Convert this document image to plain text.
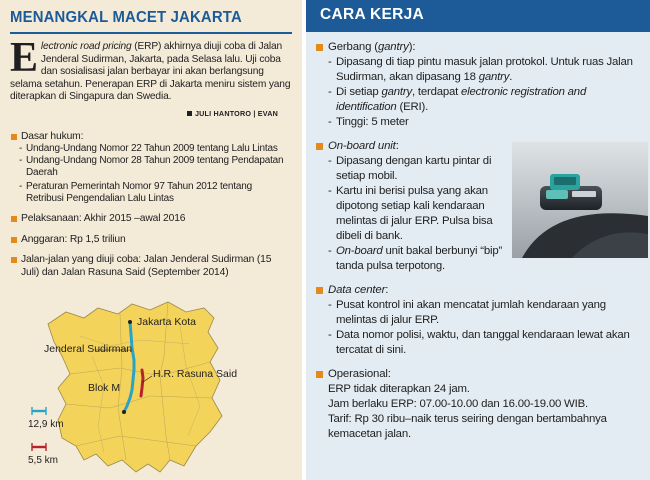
MENANGKAL MACET JAKARTA
Electronic road pricing (ERP) akhirnya diuji coba di Jalan Jenderal Sudirman, Jakarta, pada Selasa lalu. Uji coba dan sosialisasi jalan berbayar ini akan berlangsung selama setahun. Penerapan ERP di Jakarta meniru sistem yang diterapkan di Singapura dan Swedia.
JULI HANTORO | EVAN
Dasar hukum:
- Undang-Undang Nomor 22 Tahun 2009 tentang Lalu Lintas
- Undang-Undang Nomor 28 Tahun 2009 tentang Pendapatan Daerah
- Peraturan Pemerintah Nomor 97 Tahun 2012 tentang Retribusi Pengendalian Lalu Lintas
Pelaksanaan: Akhir 2015 –awal 2016
Anggaran: Rp 1,5 triliun
Jalan-jalan yang diuji coba: Jalan Jenderal Sudirman (15 Juli) dan Jalan Rasuna Said (September 2014)
Jakarta Kota
Jenderal Sudirman
Blok M
H.R. Rasuna Said
12,9 km
5,5 km
CARA KERJA
Gerbang (gantry):
- Dipasang di tiap pintu masuk jalan protokol. Untuk ruas Jalan Sudirman, akan dipasang 18 gantry.
- Di setiap gantry, terdapat electronic registration and identification (ERI).
- Tinggi: 5 meter
On-board unit:
- Dipasang dengan kartu pintar di setiap mobil.
- Kartu ini berisi pulsa yang akan dipotong setiap kali kendaraan melintas di jalur ERP. Pulsa bisa dibeli di bank.
- On-board unit bakal berbunyi “bip” tanda pulsa terpotong.
Data center:
- Pusat kontrol ini akan mencatat jumlah kendaraan yang melintas di jalur ERP.
- Data nomor polisi, waktu, dan tanggal kendaraan lewat akan tercatat di sini.
Operasional:
ERP tidak diterapkan 24 jam.
Jam berlaku ERP: 07.00-10.00 dan 16.00-19.00 WIB.
Tarif: Rp 30 ribu–naik terus seiring dengan bertambahnya kemacetan jalan.
